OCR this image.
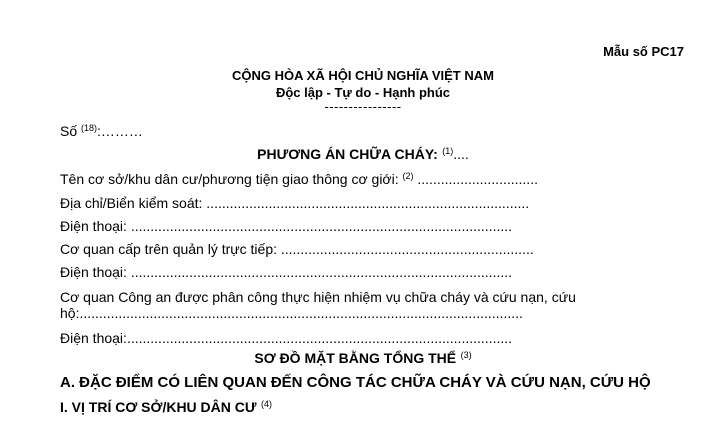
Mẫu số PC17
CỘNG HÒA XÃ HỘI CHỦ NGHĨA VIỆT NAM
Độc lập - Tự do - Hạnh phúc
----------------
Số $^{(18)}$:………
PHƯƠNG ÁN CHỮA CHÁY: $^{(1)}$....
Tên cơ sở/khu dân cư/phương tiện giao thông cơ giới: $^{(2)}$ ...............................
Địa chỉ/Biển kiểm soát: ...................................................................................
Điện thoại: ..................................................................................................
Cơ quan cấp trên quản lý trực tiếp: .................................................................
Điện thoại: ..................................................................................................
Cơ quan Công an được phân công thực hiện nhiệm vụ chữa cháy và cứu nạn, cứu
hộ:..................................................................................................................
Điện thoại:...................................................................................................
SƠ ĐỒ MẶT BẰNG TỔNG THỂ $^{(3)}$
A. ĐẶC ĐIỂM CÓ LIÊN QUAN ĐẾN CÔNG TÁC CHỮA CHÁY VÀ CỨU NẠN, CỨU HỘ
I. VỊ TRÍ CƠ SỞ/KHU DÂN CƯ $^{(4)}$
